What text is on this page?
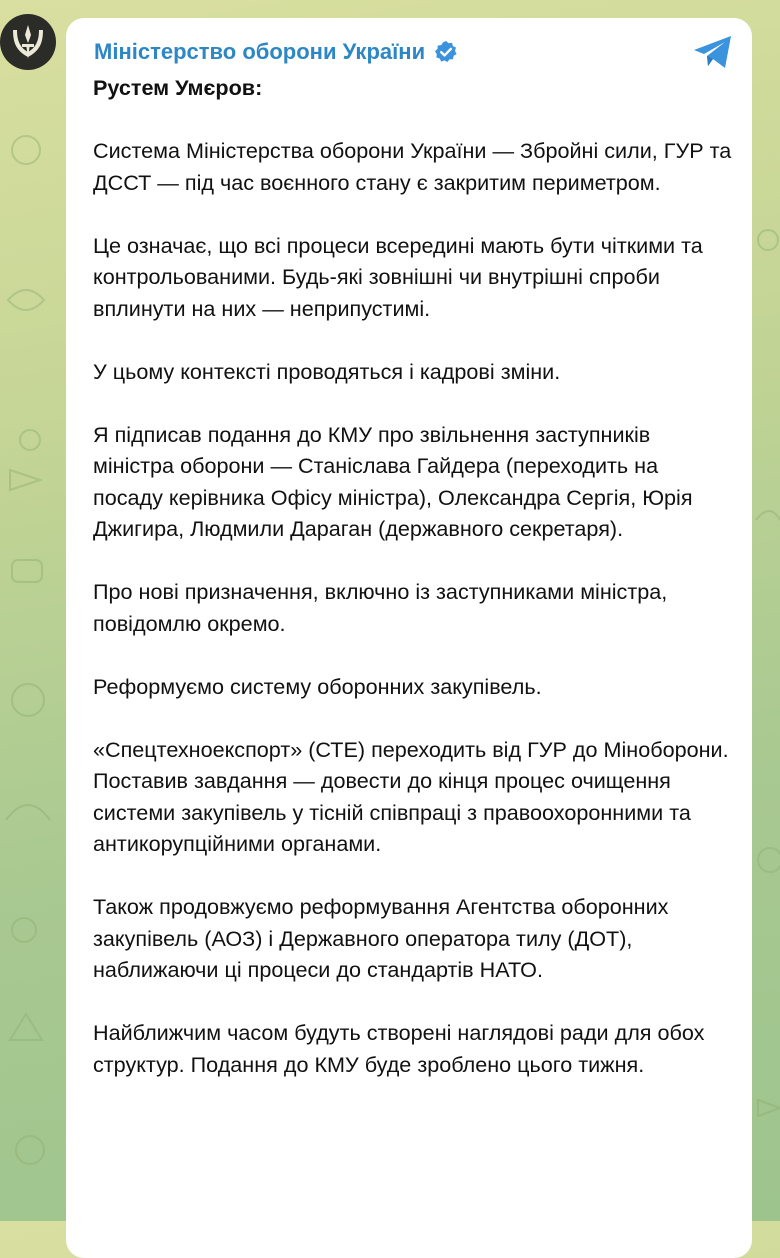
Міністерство оборони України

Рустем Умєров:

Система Міністерства оборони України — Збройні сили, ГУР та ДССТ — під час воєнного стану є закритим периметром.

Це означає, що всі процеси всередині мають бути чіткими та контрольованими. Будь-які зовнішні чи внутрішні спроби вплинути на них — неприпустимі.

У цьому контексті проводяться і кадрові зміни.

Я підписав подання до КМУ про звільнення заступників міністра оборони — Станіслава Гайдера (переходить на посаду керівника Офісу міністра), Олександра Сергія, Юрія Джигира, Людмили Дараган (державного секретаря).

Про нові призначення, включно із заступниками міністра, повідомлю окремо.

Реформуємо систему оборонних закупівель.

«Спецтехноекспорт» (СТЕ) переходить від ГУР до Міноборони. Поставив завдання — довести до кінця процес очищення системи закупівель у тісній співпраці з правоохоронними та антикорупційними органами.

Також продовжуємо реформування Агентства оборонних закупівель (АОЗ) і Державного оператора тилу (ДОТ), наближаючи ці процеси до стандартів НАТО.

Найближчим часом будуть створені наглядові ради для обох структур. Подання до КМУ буде зроблено цього тижня.
